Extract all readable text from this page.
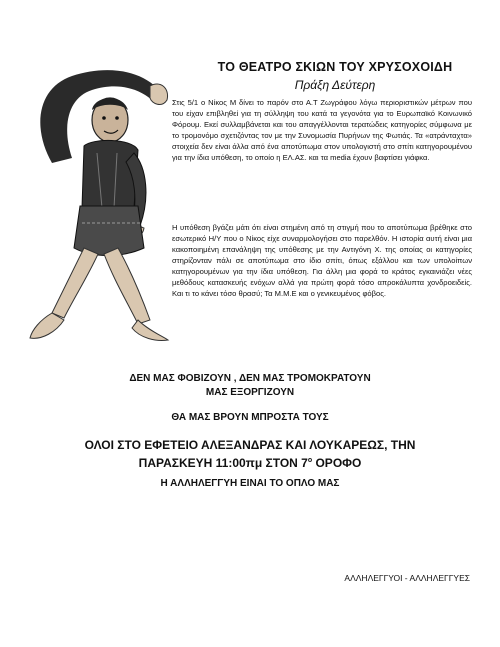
ΤΟ ΘΕΑΤΡΟ ΣΚΙΩΝ ΤΟΥ ΧΡΥΣΟΧΟΙΔΗ
Πράξη Δεύτερη
Στις 5/1 ο Νίκος Μ δίνει το παρόν στο Α.Τ Ζωγράφου λόγω περιοριστικών μέτρων που του είχαν επιβληθεί για τη σύλληψη του κατά τα γεγονότα για το Ευρωπαϊκό Κοινωνικό Φόρουμ. Εκεί συλλαμβάνεται και του απαγγέλλονται τερατώδεις κατηγορίες σύμφωνα με το τρομονόμο σχετιζόντας τον με την Συνομωσία Πυρήνων της Φωτιάς. Τα «ατράνταχτα» στοιχεία δεν είναι άλλα από ένα αποτύπωμα στον υπολογιστή στο σπίτι κατηγορουμένου για την ίδια υπόθεση, το οποίο η ΕΛ.ΑΣ. και τα media έχουν βαφτίσει γιάφκα.
Η υπόθεση βγάζει μάτι ότι είναι στημένη από τη στιγμή που το αποτύπωμα βρέθηκε στο εσωτερικό Η/Υ που ο Νίκος είχε συναρμολογήσει στο παρελθόν. Η ιστορία αυτή είναι μια κακοποιημένη επανάληψη της υπόθεσης με την Αντιγόνη Χ. της οποίας οι κατηγορίες στηρίζονταν πάλι σε αποτύπωμα στο ίδιο σπίτι, όπως εξάλλου και των υπολοίπων κατηγορουμένων για την ίδια υπόθεση. Για άλλη μια φορά το κράτος εγκαινιάζει νέες μεθόδους κατασκευής ενόχων αλλά για πρώτη φορά τόσο απροκάλυπτα χονδροειδείς. Και τι το κάνει τόσο θρασύ; Τα Μ.Μ.Ε και ο γενικευμένος φόβος.
ΔΕΝ ΜΑΣ ΦΟΒΙΖΟΥΝ , ΔΕΝ ΜΑΣ ΤΡΟΜΟΚΡΑΤΟΥΝ
ΜΑΣ ΕΞΟΡΓΙΖΟΥΝ
ΘΑ ΜΑΣ ΒΡΟΥΝ ΜΠΡΟΣΤΑ ΤΟΥΣ
ΟΛΟΙ ΣΤΟ ΕΦΕΤΕΙΟ ΑΛΕΞΑΝΔΡΑΣ ΚΑΙ ΛΟΥΚΑΡΕΩΣ, ΤΗΝ
ΠΑΡΑΣΚΕΥΗ 11:00πμ ΣΤΟΝ $7^o$ ΟΡΟΦΟ
Η ΑΛΛΗΛΕΓΓΥΗ ΕΙΝΑΙ ΤΟ ΟΠΛΟ ΜΑΣ
ΑΛΛΗΛΕΓΓΥΟΙ - ΑΛΛΗΛΕΓΓΥΕΣ
